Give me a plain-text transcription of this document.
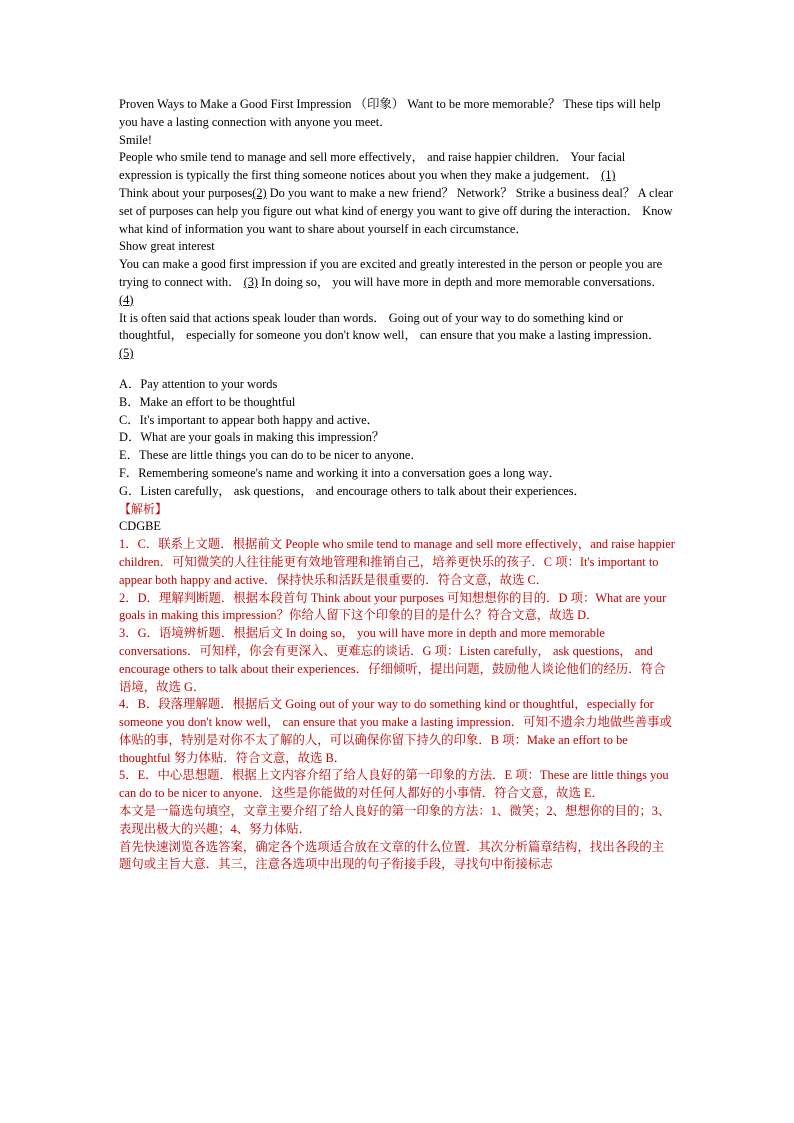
Proven Ways to Make a Good First Impression （印象） Want to be more memorable？ These tips will help you have a lasting connection with anyone you meet．

Smile!

People who smile tend to manage and sell more effectively， and raise happier children． Your facial expression is typically the first thing someone notices about you when they make a judgement． (1)

Think about your purposes(2) Do you want to make a new friend？ Network？ Strike a business deal？ A clear set of purposes can help you figure out what kind of energy you want to give off during the interaction． Know what kind of information you want to share about yourself in each circumstance．

Show great interest

You can make a good first impression if you are excited and greatly interested in the person or people you are trying to connect with． (3) In doing so， you will have more in depth and more memorable conversations．

(4)

It is often said that actions speak louder than words． Going out of your way to do something kind or thoughtful， especially for someone you don't know well， can ensure that you make a lasting impression．

(5)

A．Pay attention to your words

B．Make an effort to be thoughtful

C．It's important to appear both happy and active．

D．What are your goals in making this impression？

E．These are little things you can do to be nicer to anyone．

F．Remembering someone's name and working it into a conversation goes a long way．

G．Listen carefully， ask questions， and encourage others to talk about their experiences．

【解析】

CDGBE

1．C．联系上文题．根据前文 People who smile tend to manage and sell more effectively，and raise happier children．可知微笑的人往往能更有效地管理和推销自己，培养更快乐的孩子．C 项：It's important to appear both happy and active．保持快乐和活跃是很重要的．符合文意，故选 C．

2．D．理解判断题．根据本段首句 Think about your purposes 可知想想你的目的．D 项：What are your goals in making this impression？你给人留下这个印象的目的是什么？符合文意，故选 D．

3．G．语境辨析题．根据后文 In doing so， you will have more in depth and more memorable conversations．可知样，你会有更深入、更难忘的谈话．G 项：Listen carefully， ask questions， and encourage others to talk about their experiences．仔细倾听，提出问题，鼓励他人谈论他们的经历．符合语境，故选 G．

4．B．段落理解题．根据后文 Going out of your way to do something kind or thoughtful，especially for someone you don't know well， can ensure that you make a lasting impression．可知不遗余力地做些善事或体贴的事，特别是对你不太了解的人，可以确保你留下持久的印象．B 项：Make an effort to be thoughtful 努力体贴．符合文意，故选 B．

5．E．中心思想题．根据上文内容介绍了给人良好的第一印象的方法．E 项：These are little things you can do to be nicer to anyone．这些是你能做的对任何人都好的小事情．符合文意，故选 E．

本文是一篇选句填空，文章主要介绍了给人良好的第一印象的方法：1、微笑；2、想想你的目的；3、表现出极大的兴趣；4、努力体贴．

首先快速浏览各选答案，确定各个选项适合放在文章的什么位置．其次分析篇章结构，找出各段的主题句或主旨大意．其三，注意各选项中出现的句子衔接手段，寻找句中衔接标志
